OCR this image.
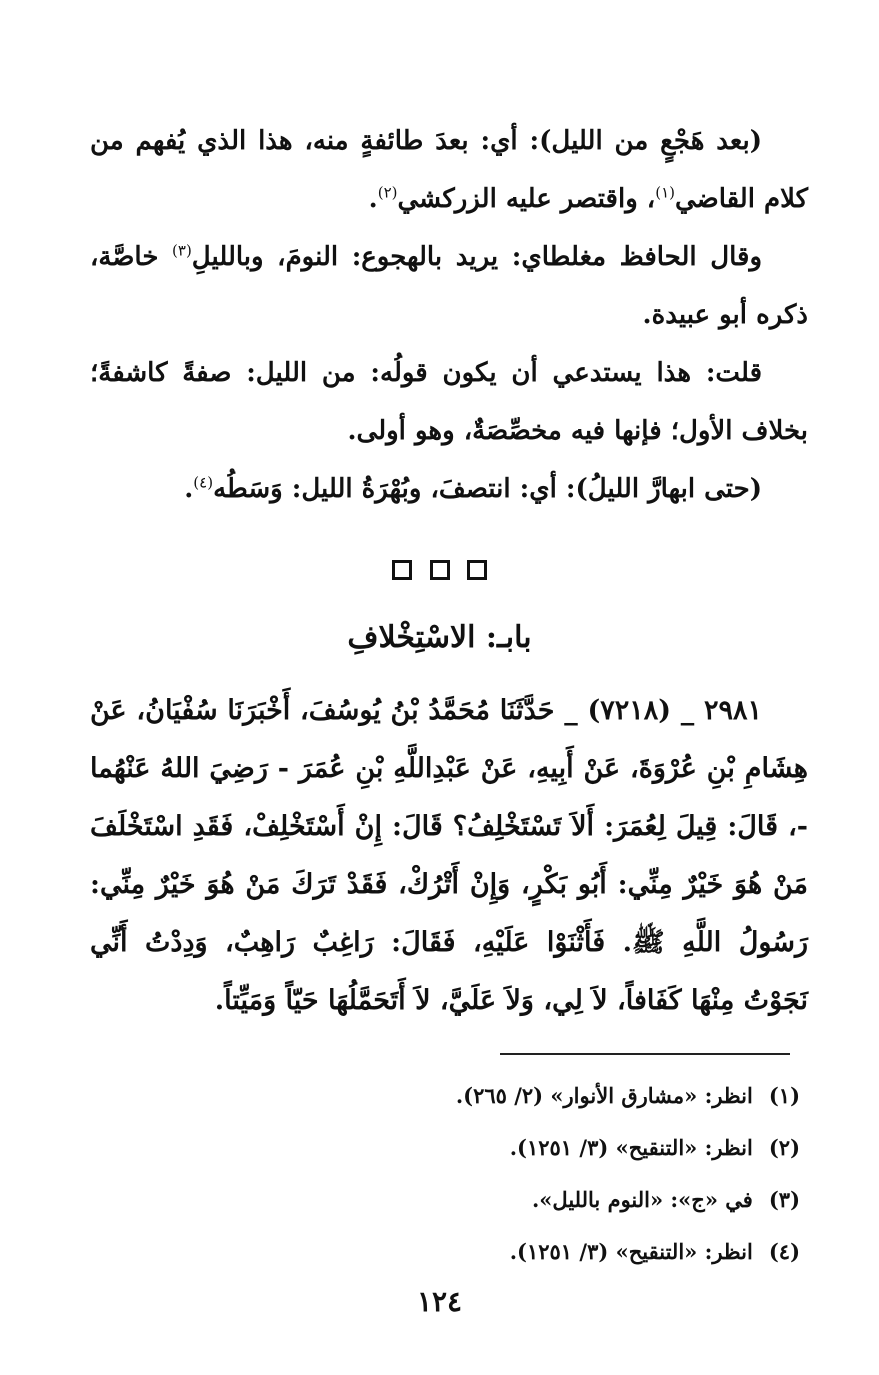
(بعد هَجْعٍ من الليل): أي: بعدَ طائفةٍ منه، هذا الذي يُفهم من كلام القاضي$^{(١)}$، واقتصر عليه الزركشي$^{(٢)}$.

وقال الحافظ مغلطاي: يريد بالهجوع: النومَ، وبالليلِ$^{(٣)}$ خاصَّة، ذكره أبو عبيدة.

قلت: هذا يستدعي أن يكون قولُه: من الليل: صفةً كاشفةً؛ بخلاف الأول؛ فإنها فيه مخصِّصَةٌ، وهو أولى.

(حتى ابهارَّ الليلُ): أي: انتصفَ، وبُهْرَةُ الليل: وَسَطُه$^{(٤)}$.

بابـ: الاسْتِخْلافِ

٢٩٨١ _ (٧٢١٨) _ حَدَّثَنَا مُحَمَّدُ بْنُ يُوسُفَ، أَخْبَرَنَا سُفْيَانُ، عَنْ هِشَامِ بْنِ عُرْوَةَ، عَنْ أَبِيهِ، عَنْ عَبْدِاللَّهِ بْنِ عُمَرَ - رَضِيَ اللهُ عَنْهُما -، قَالَ: قِيلَ لِعُمَرَ: أَلاَ تَسْتَخْلِفُ؟ قَالَ: إِنْ أَسْتَخْلِفْ، فَقَدِ اسْتَخْلَفَ مَنْ هُوَ خَيْرٌ مِنِّي: أَبُو بَكْرٍ، وَإِنْ أَتْرُكْ، فَقَدْ تَرَكَ مَنْ هُوَ خَيْرٌ مِنِّي: رَسُولُ اللَّهِ ﷺ. فَأَثْنَوْا عَلَيْهِ، فَقَالَ: رَاغِبٌ رَاهِبٌ، وَدِدْتُ أَنِّي نَجَوْتُ مِنْهَا كَفَافاً، لاَ لِي، وَلاَ عَلَيَّ، لاَ أَتَحَمَّلُهَا حَيّاً وَمَيِّتاً.

(١)انظر: «مشارق الأنوار» (٢/ ٢٦٥).
(٢)انظر: «التنقيح» (٣/ ١٢٥١).
(٣)في «ج»: «النوم بالليل».
(٤)انظر: «التنقيح» (٣/ ١٢٥١).
١٢٤
